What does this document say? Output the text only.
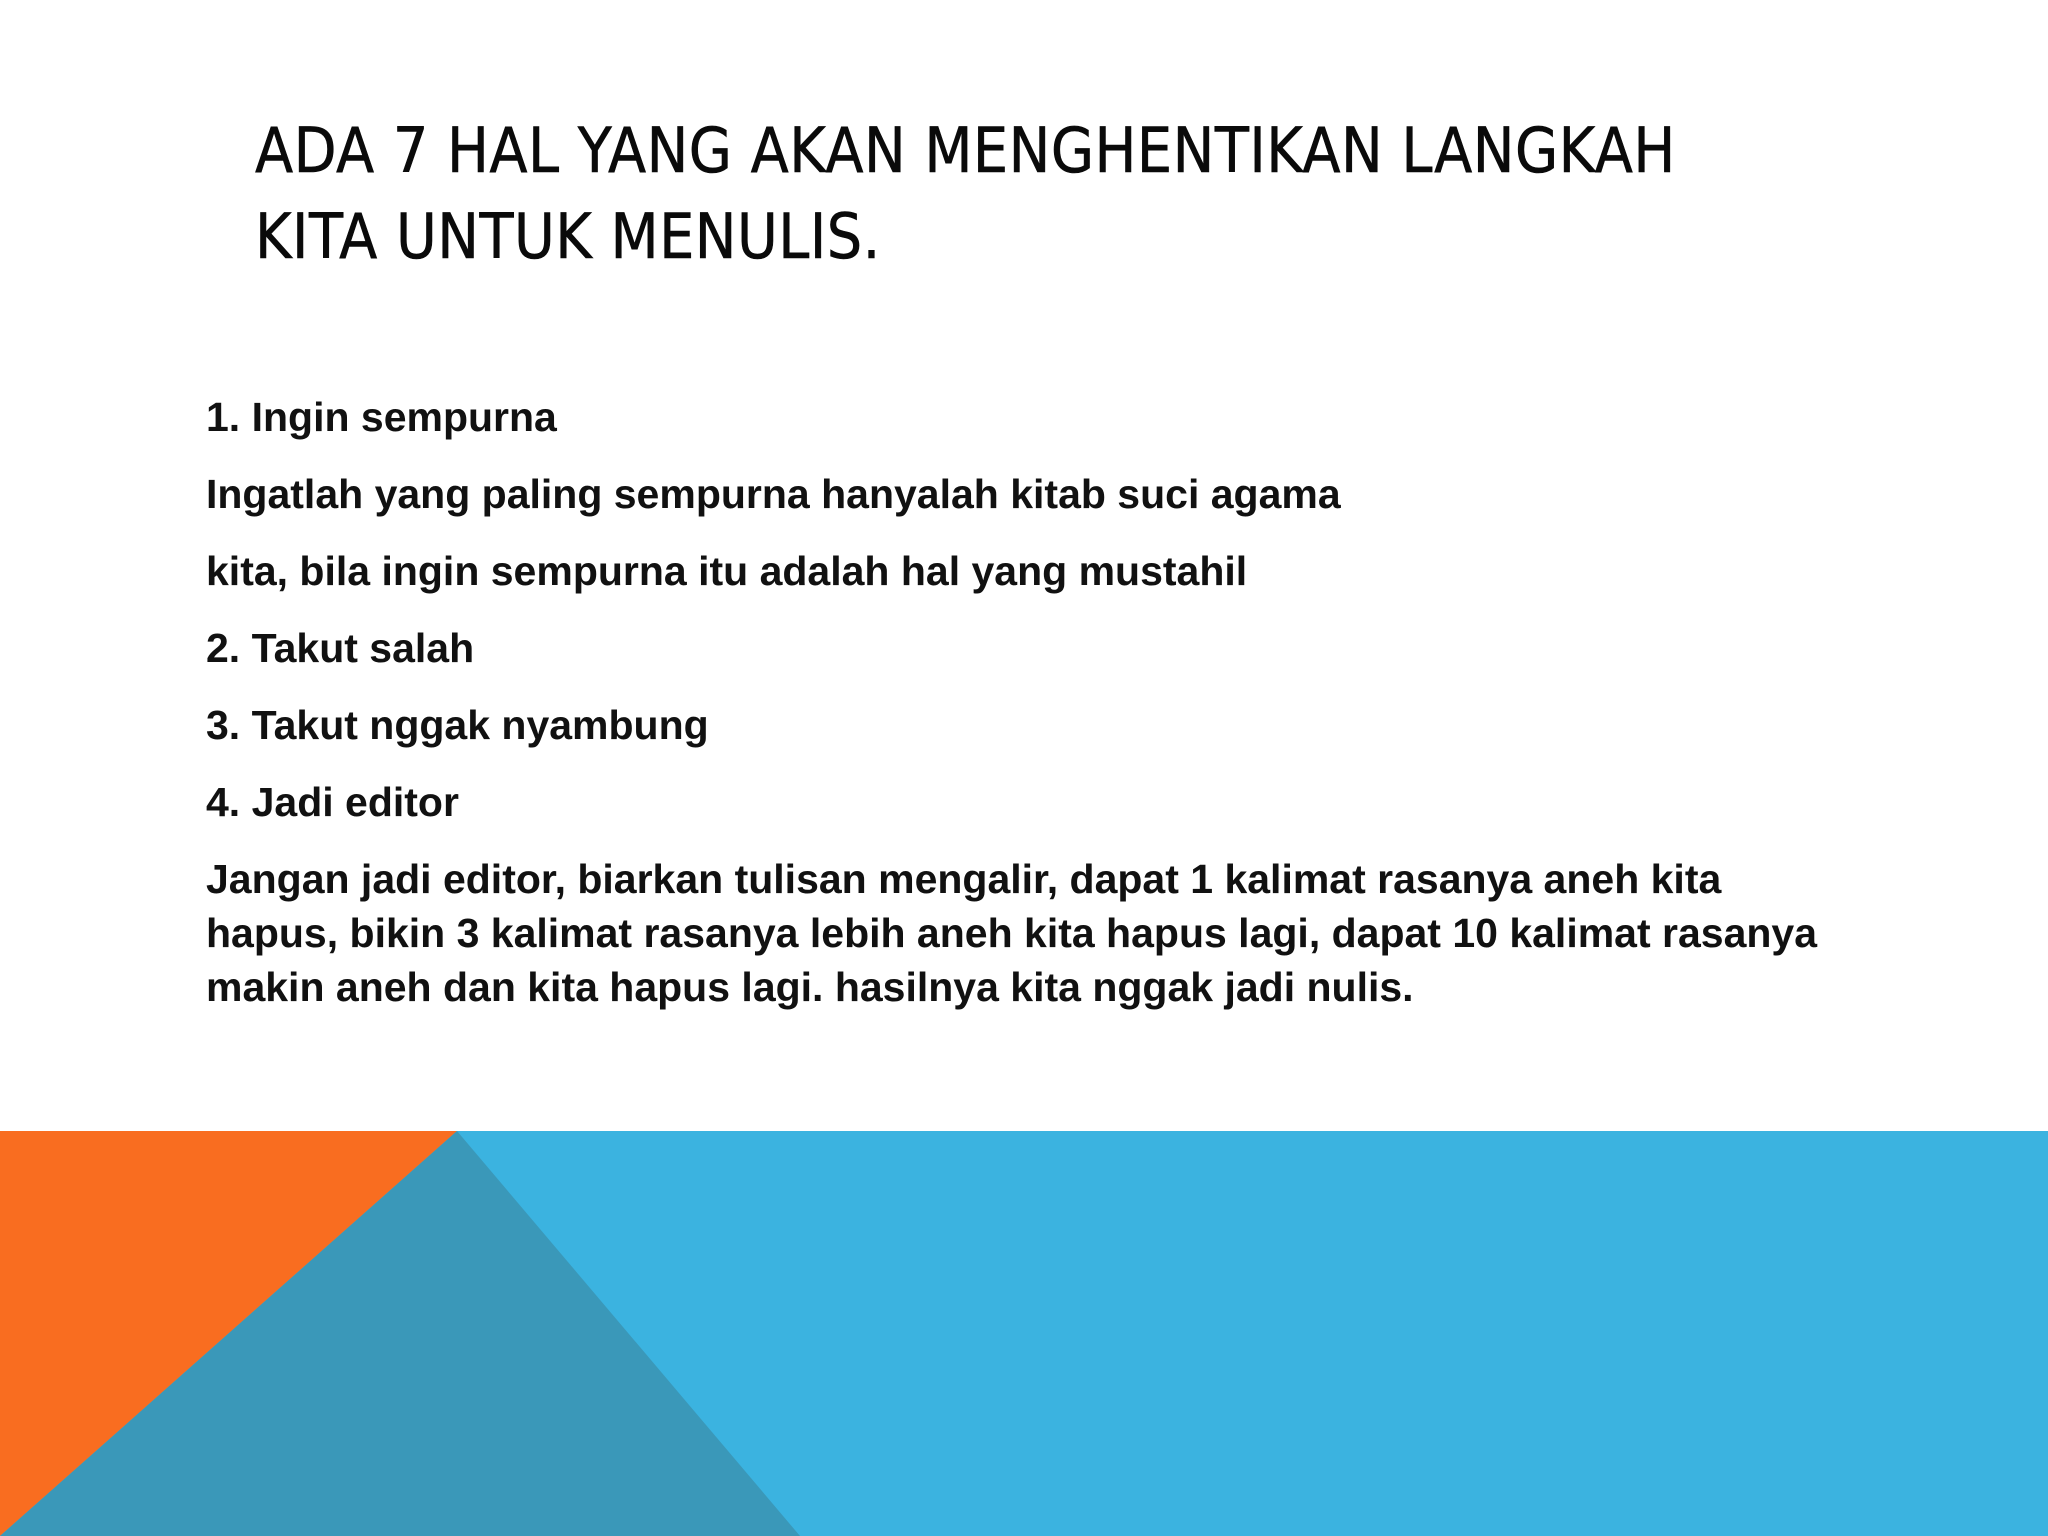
ADA 7 HAL YANG AKAN MENGHENTIKAN LANGKAH KITA UNTUK MENULIS.

1. Ingin sempurna

Ingatlah yang paling sempurna hanyalah kitab suci agama

kita, bila ingin sempurna itu adalah hal yang mustahil

2. Takut salah

3. Takut nggak nyambung

4. Jadi editor

Jangan jadi editor, biarkan tulisan mengalir, dapat 1 kalimat rasanya aneh kita hapus, bikin 3 kalimat rasanya lebih aneh kita hapus lagi, dapat 10 kalimat rasanya makin aneh dan kita hapus lagi. hasilnya kita nggak jadi nulis.
